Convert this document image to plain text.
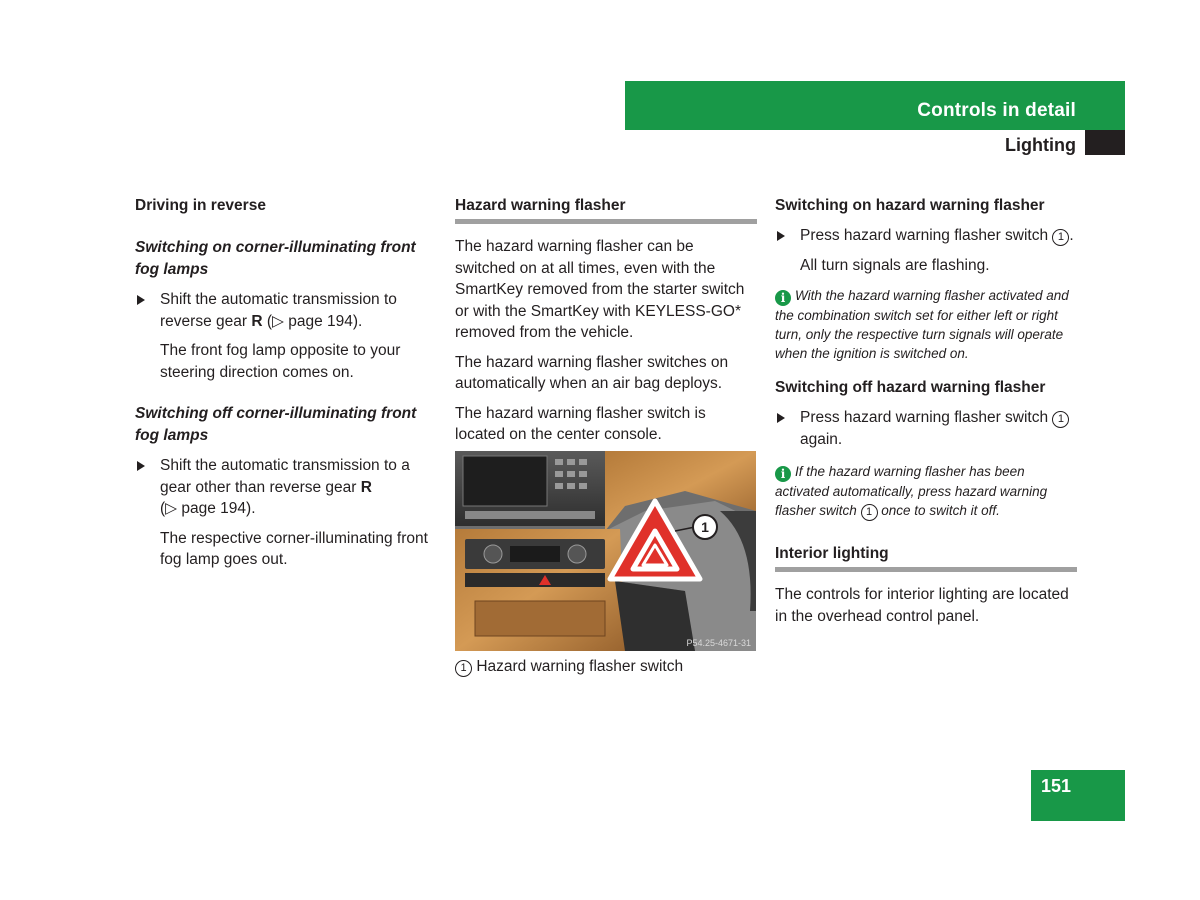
Controls in detail
Lighting
Driving in reverse
Switching on corner-illuminating front fog lamps
Shift the automatic transmission to reverse gear R (▷ page 194).
The front fog lamp opposite to your steering direction comes on.
Switching off corner-illuminating front fog lamps
Shift the automatic transmission to a gear other than reverse gear R
(▷ page 194).
The respective corner-illuminating front fog lamp goes out.
Hazard warning flasher

The hazard warning flasher can be switched on at all times, even with the SmartKey removed from the starter switch or with the SmartKey with KEYLESS-GO* removed from the vehicle.

The hazard warning flasher switches on automatically when an air bag deploys.

The hazard warning flasher switch is located on the center console.

1
P54.25-4671-31
1 Hazard warning flasher switch
Switching on hazard warning flasher
Press hazard warning flasher switch 1 .
All turn signals are flashing.
i With the hazard warning flasher activated and the combination switch set for either left or right turn, only the respective turn signals will operate when the ignition is switched on.
Switching off hazard warning flasher
Press hazard warning flasher switch 1 again.
i If the hazard warning flasher has been activated automatically, press hazard warning flasher switch 1 once to switch it off.
Interior lighting

The controls for interior lighting are located in the overhead control panel.

151
